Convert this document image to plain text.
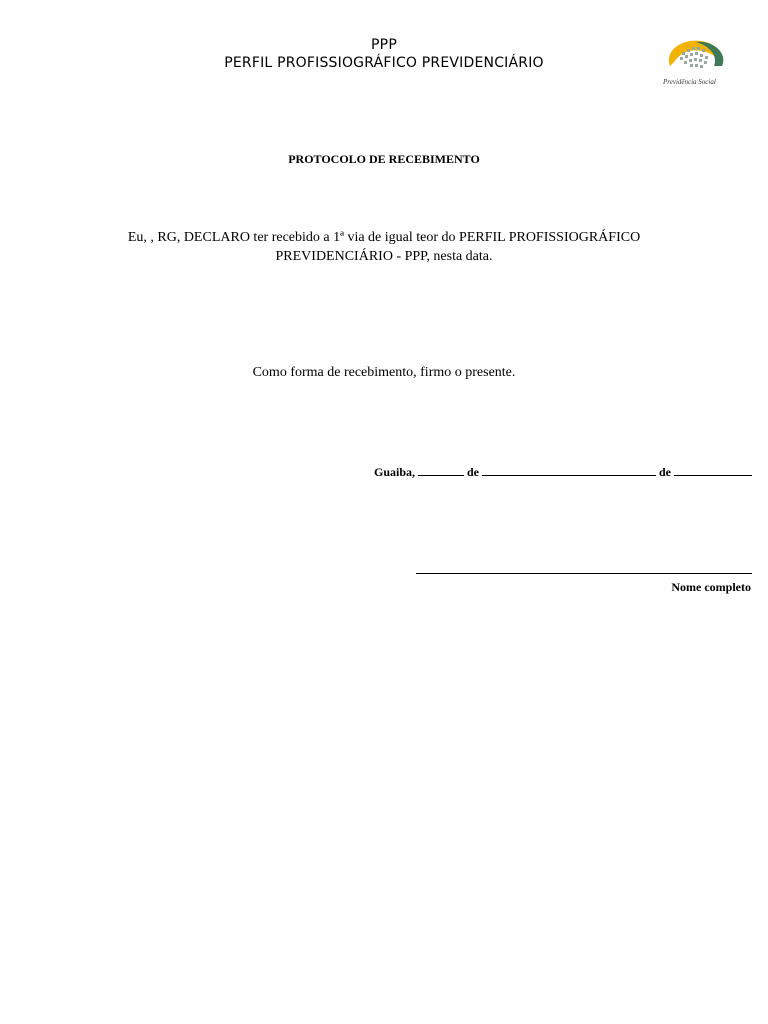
PPP
PERFIL PROFISSIOGRÁFICO PREVIDENCIÁRIO
Previdência Social
PROTOCOLO DE RECEBIMENTO
Eu, , RG, DECLARO ter recebido a 1ª via de igual teor do PERFIL PROFISSIOGRÁFICO
PREVIDENCIÁRIO - PPP, nesta data.
Como forma de recebimento, firmo o presente.
Guaiba,	de	de
Nome completo
